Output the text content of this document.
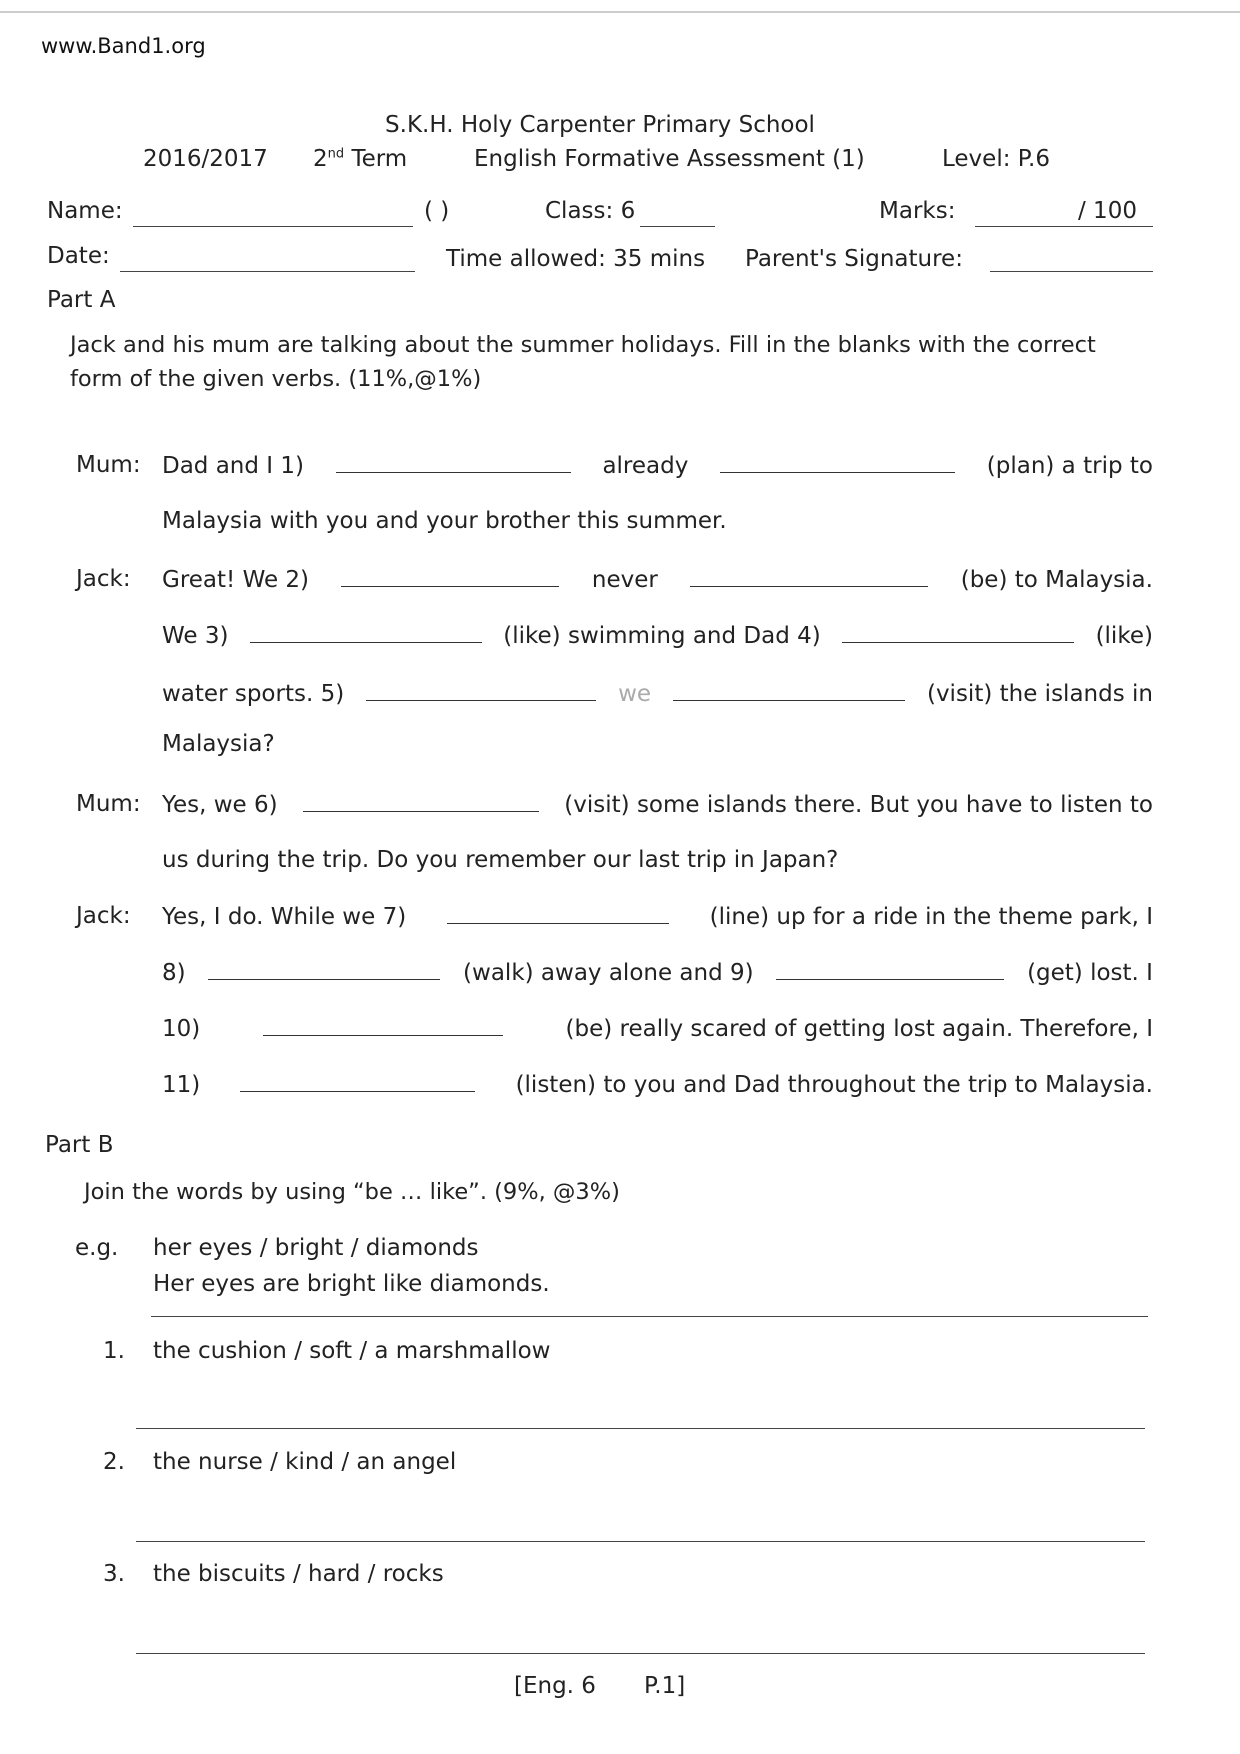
www.Band1.org
S.K.H. Holy Carpenter Primary School
2016/2017 2nd Term	English Formative Assessment (1)	Level: P.6
Name:	( )	Class: 6	Marks:	/ 100
Date:	Time allowed: 35 mins Parent's Signature:
Part A
Jack and his mum are talking about the summer holidays. Fill in the blanks with the correct
form of the given verbs. (11%,@1%)
Mum: Dad and I 1)	already	(plan) a trip to
Malaysia with you and your brother this summer.
Jack: Great! We 2)	never	(be) to Malaysia.
We 3)	(like) swimming and Dad 4)	(like)
water sports. 5)	we	(visit) the islands in
Malaysia?
Mum: Yes, we 6)	(visit) some islands there. But you have to listen to
us during the trip. Do you remember our last trip in Japan?
Jack: Yes, I do. While we 7)	(line) up for a ride in the theme park, I
8)	(walk) away alone and 9)	(get) lost. I
10)	(be) really scared of getting lost again. Therefore, I
11)	(listen) to you and Dad throughout the trip to Malaysia.
Part B
Join the words by using “be … like”. (9%, @3%)
e.g. her eyes / bright / diamonds
Her eyes are bright like diamonds.
1. the cushion / soft / a marshmallow
2. the nurse / kind / an angel
3. the biscuits / hard / rocks
[Eng. 6 P.1]
